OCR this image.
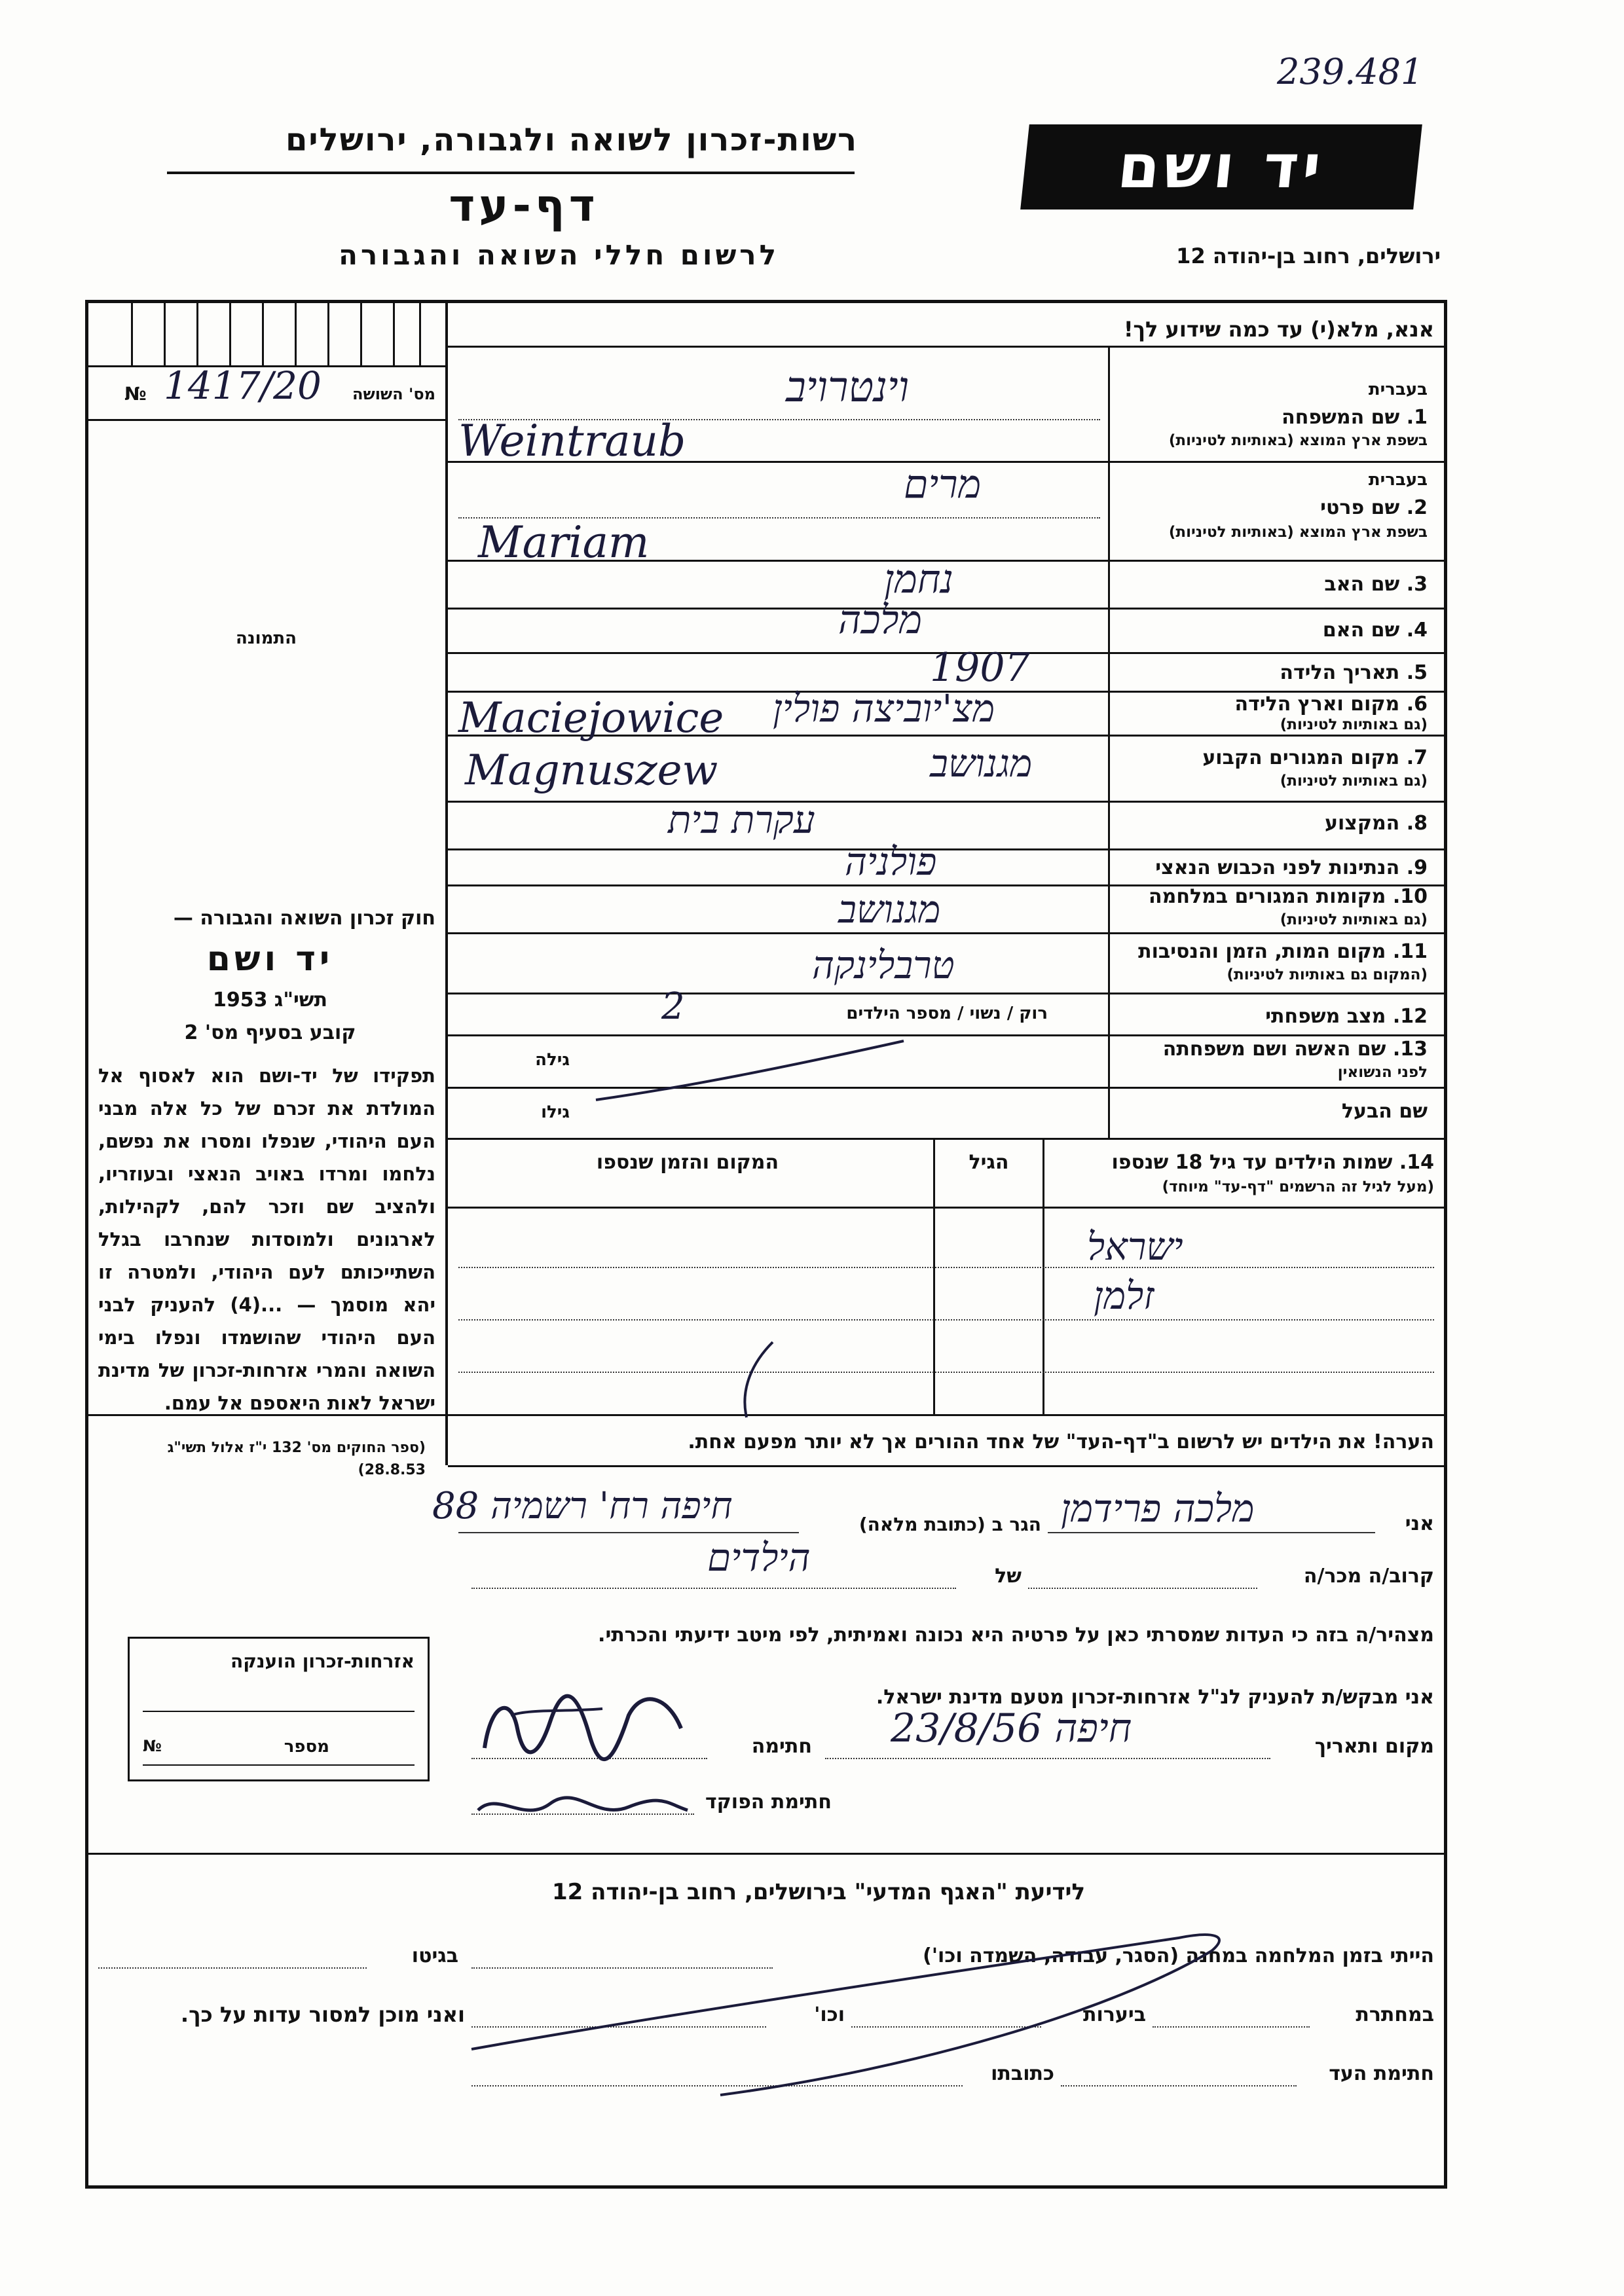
239.481
יד ושם
רשות-זכרון לשואה ולגבורה, ירושלים
דף-עד
לרשום חללי השואה והגבורה	ירושלים, רחוב בן-יהודה 12
אנא, מלא(י) עד כמה שידוע לך!
מס' השושה
№ 1417/20
התמונה
בעברית
1. שם המשפחה
בשפת ארץ המוצא (באותיות לטיניות)
וינטרויב
Weintraub
בעברית
2. שם פרטי
בשפת ארץ המוצא (באותיות לטיניות)
מרים
Mariam
3. שם האב
נחמן
4. שם האם
מלכה
5. תאריך הלידה
1907
6. מקום וארץ הלידה
(גם באותיות לטיניות)
מצ'יוביצה פולין
Maciejowice
7. מקום המגורים הקבוע
(גם באותיות לטיניות)
מגנושב
Magnuszew
8. המקצוע
עקרת בית
9. הנתינות לפני הכבוש הנאצי
פולניה
10. מקומות המגורים במלחמה
(גם באותיות לטיניות)
מגנושב
11. מקום המות, הזמן והנסיבות
(המקום גם באותיות לטיניות)
טרבלינקה
12. מצב משפחתי
רוק / נשוי / מספר הילדים
2
13. שם האשה ושם משפחתה
לפני הנשואין
גילה
שם הבעל
גילו
14. שמות הילדים עד גיל 18 שנספו
(מעל לגיל זה הרשמים "דף-עד" מיוחד)
הגיל
המקום והזמן שנספו
ישראל
זלמן
הערה! את הילדים יש לרשום ב"דף-העד" של אחד ההורים אך לא יותר מפעם אחת.
חוק זכרון השואה והגבורה —
יד ושם
תשי"ג 1953
קובע בסעיף מס' 2
תפקידו של יד-ושם הוא לאסוף אל המולדת את זכרם של כל אלה מבני העם היהודי, שנפלו ומסרו את נפשם, נלחמו ומרדו באויב הנאצי ובעוזריו, ולהציב שם וזכר להם, לקהילות, לארגונים ולמוסדות שנחרבו בגלל השתייכותם לעם היהודי, ולמטרה זו יהא מוסמך — ...(4) להעניק לבני העם היהודי שהושמדו ונפלו בימי השואה והמרי אזרחות-זכרון של מדינת ישראל לאות היאספם אל עמם.
(ספר החוקים מס' 132 י"ז אלול תשי"ג 28.8.53)
אני
מלכה פרידמן
הגר ב (כתובת מלאה)
חיפה רח' רשמיה 88
קרוב/ה מכר/ה
של
הילדים
מצהיר/ה בזה כי העדות שמסרתי כאן על פרטיה היא נכונה ואמיתית, לפי מיטב ידיעתי והכרתי.
אני מבקש/ת להעניק לנ"ל אזרחות-זכרון מטעם מדינת ישראל.
מקום ותאריך
חיפה 23/8/56
חתימה
חתימת הפוקד
אזרחות-זכרון הוענקה
מספר
№
לידיעת "האגף המדעי" בירושלים, רחוב בן-יהודה 12
הייתי בזמן המלחמה במחנה (הסגר, עבודה, השמדה וכו')
בגיטו
במחתרת
ביערות
וכו'
ואני מוכן למסור עדות על כך.
חתימת העד
כתובתו
